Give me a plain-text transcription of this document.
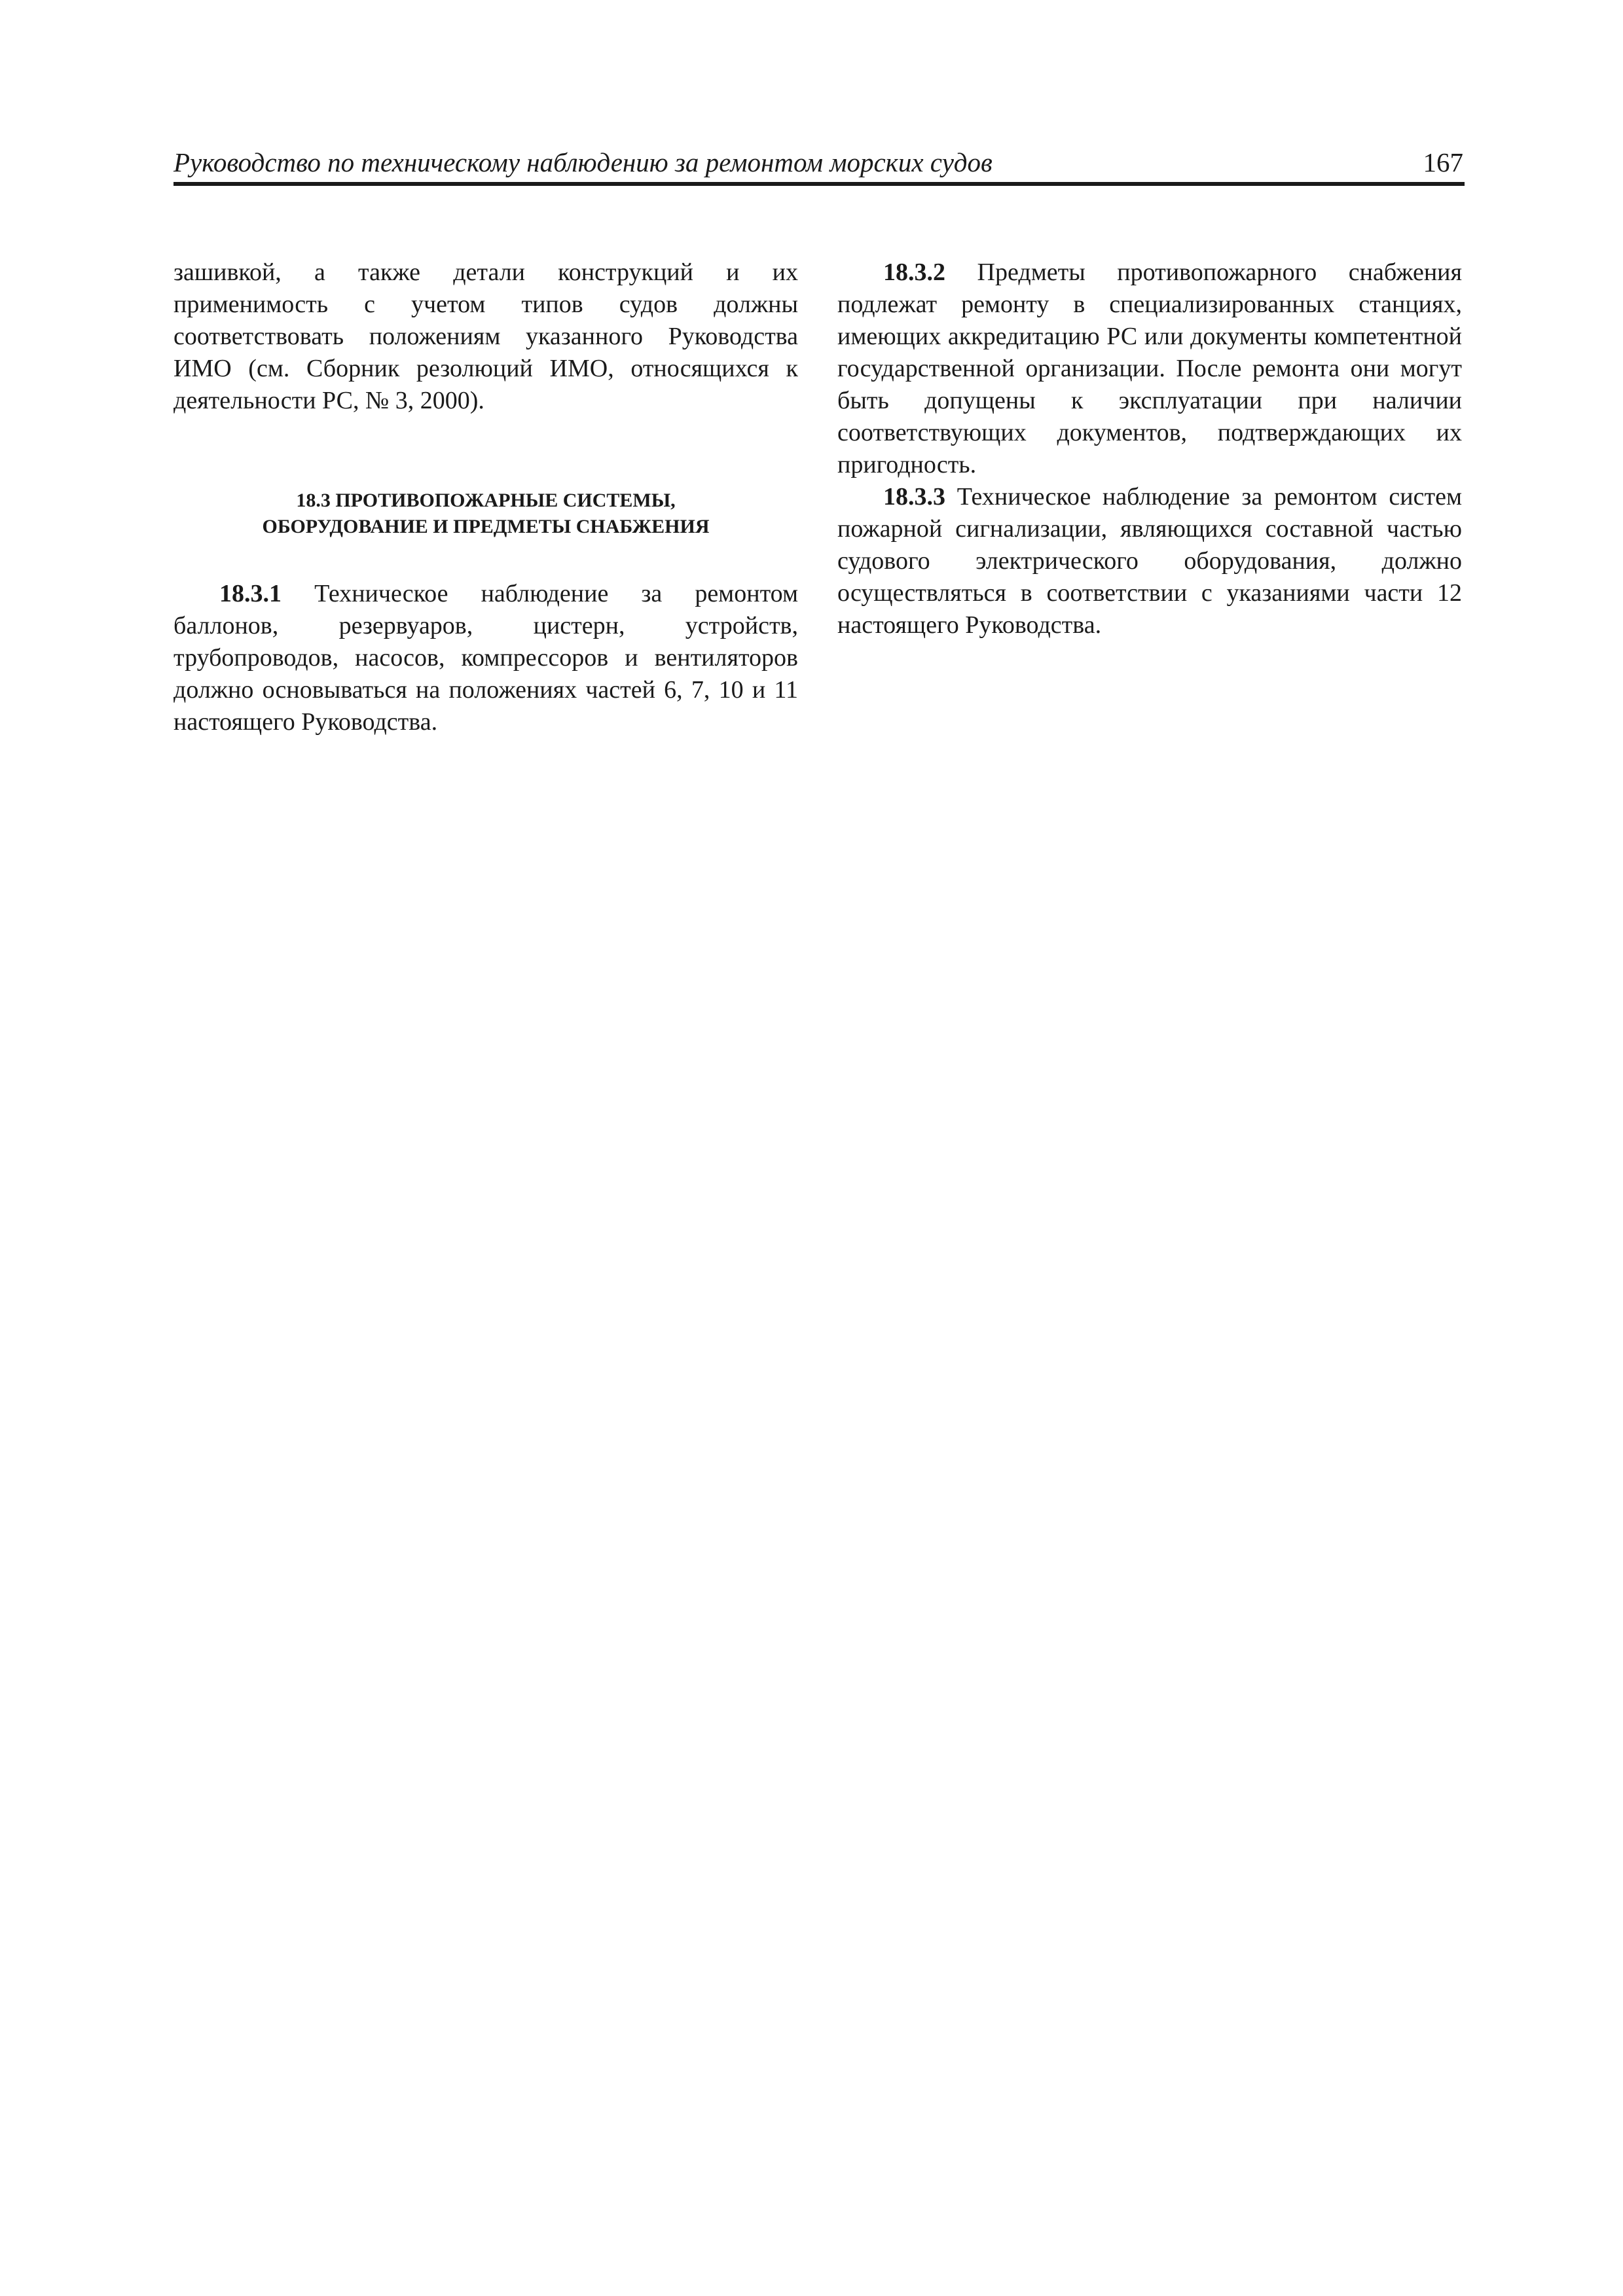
Руководство по техническому наблюдению за ремонтом морских судов	167

зашивкой, а также детали конструкций и их применимость с учетом типов судов должны соответствовать положениям указанного Руководства ИМО (см. Сборник резолюций ИМО, относящихся к деятельности РС, № 3, 2000).

18.3 ПРОТИВОПОЖАРНЫЕ СИСТЕМЫ,
ОБОРУДОВАНИЕ И ПРЕДМЕТЫ СНАБЖЕНИЯ

18.3.1 Техническое наблюдение за ремонтом баллонов, резервуаров, цистерн, устройств, трубопроводов, насосов, компрессоров и вентиляторов должно основываться на положениях частей 6, 7, 10 и 11 настоящего Руководства.

18.3.2 Предметы противопожарного снабжения подлежат ремонту в специализированных станциях, имеющих аккредитацию РС или документы компетентной государственной организации. После ремонта они могут быть допущены к эксплуатации при наличии соответствующих документов, подтверждающих их пригодность.

18.3.3 Техническое наблюдение за ремонтом систем пожарной сигнализации, являющихся составной частью судового электрического оборудования, должно осуществляться в соответствии с указаниями части 12 настоящего Руководства.
